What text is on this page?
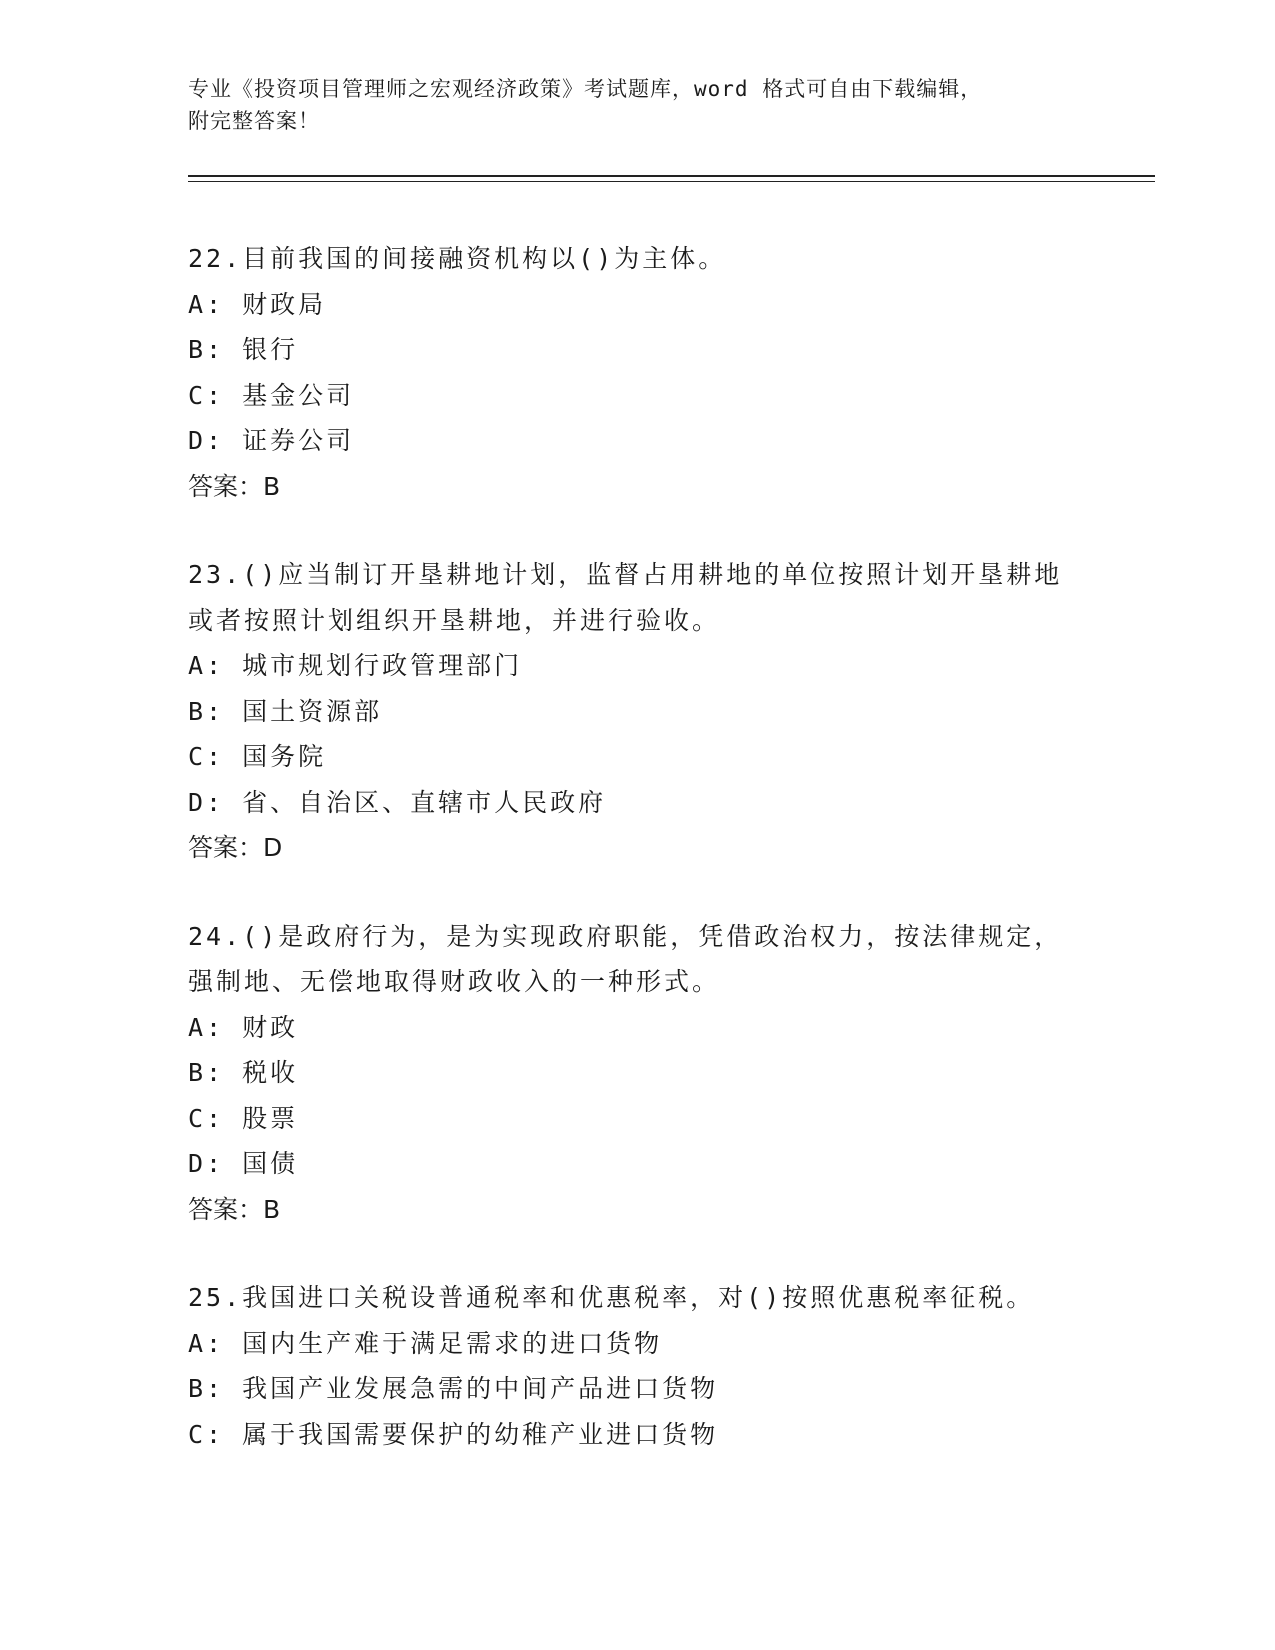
专业《投资项目管理师之宏观经济政策》考试题库，word 格式可自由下载编辑，
附完整答案！
22.目前我国的间接融资机构以()为主体。
A: 财政局
B: 银行
C: 基金公司
D: 证券公司
答案：B
23.()应当制订开垦耕地计划，监督占用耕地的单位按照计划开垦耕地
或者按照计划组织开垦耕地，并进行验收。
A: 城市规划行政管理部门
B: 国土资源部
C: 国务院
D: 省、自治区、直辖市人民政府
答案：D
24.()是政府行为，是为实现政府职能，凭借政治权力，按法律规定，
强制地、无偿地取得财政收入的一种形式。
A: 财政
B: 税收
C: 股票
D: 国债
答案：B
25.我国进口关税设普通税率和优惠税率，对()按照优惠税率征税。
A: 国内生产难于满足需求的进口货物
B: 我国产业发展急需的中间产品进口货物
C: 属于我国需要保护的幼稚产业进口货物
